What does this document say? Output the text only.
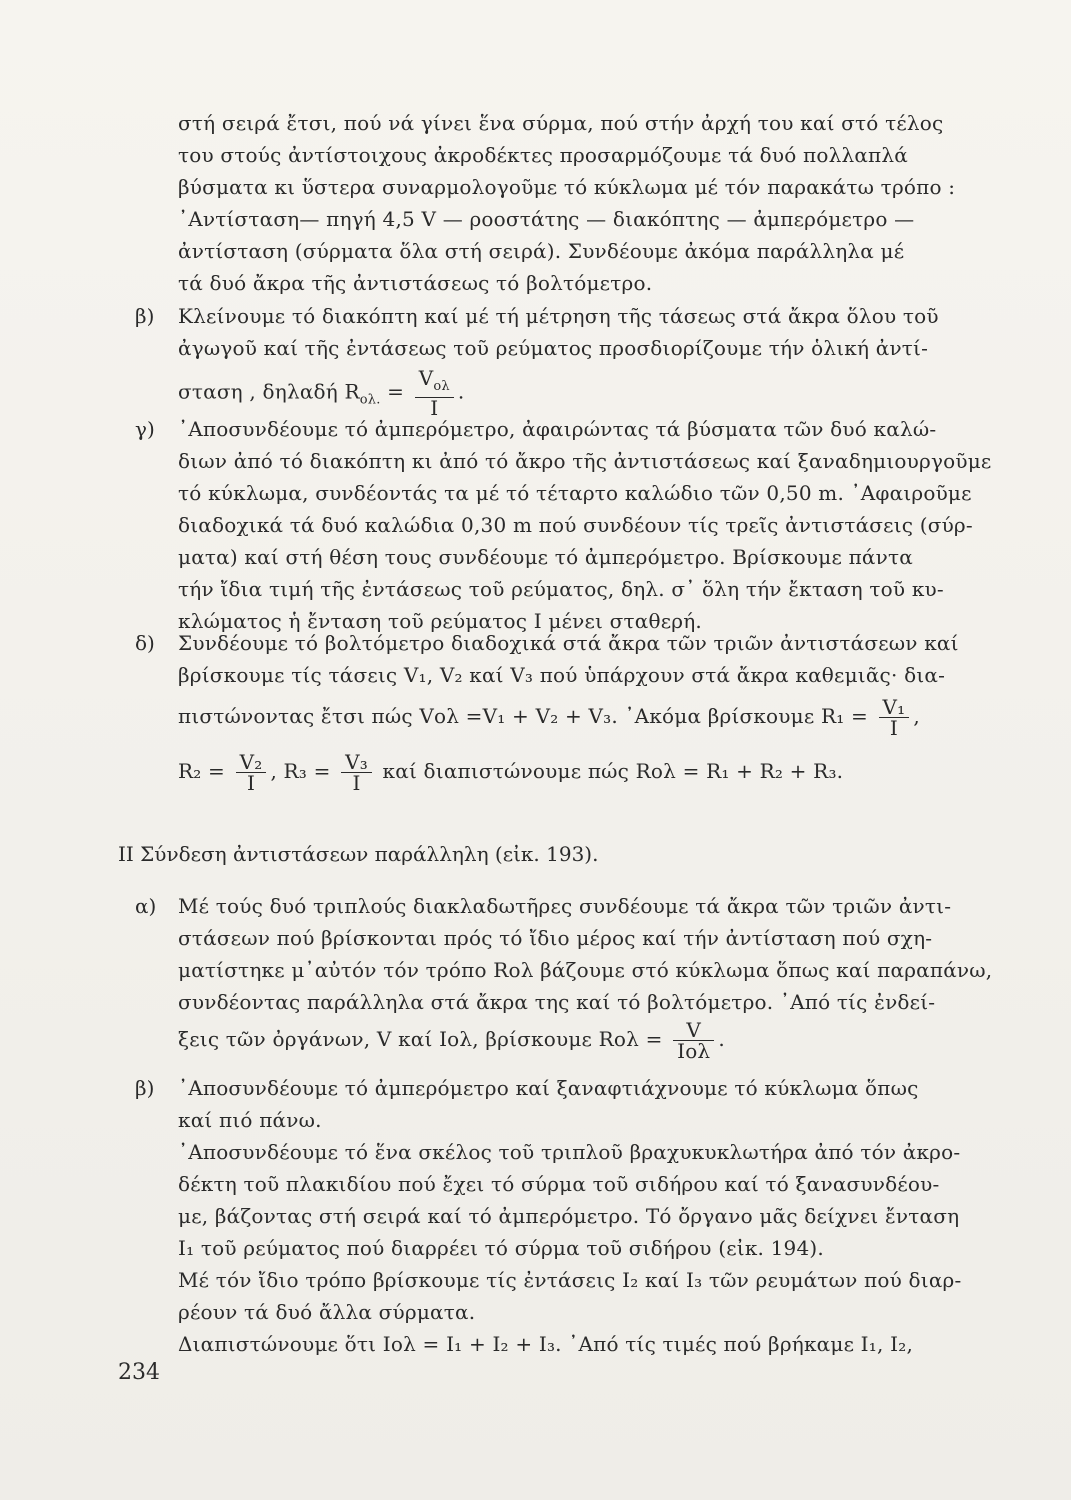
στή σειρά ἔτσι, πού νά γίνει ἕνα σύρμα, πού στήν ἀρχή του καί στό τέλος
του στούς ἀντίστοιχους ἀκροδέκτες προσαρμόζουμε τά δυό πολλαπλά
βύσματα κι ὕστερα συναρμολογοῦμε τό κύκλωμα μέ τόν παρακάτω τρόπο :
᾿Αντίσταση— πηγή 4,5 V — ροοστάτης — διακόπτης — ἀμπερόμετρο —
ἀντίσταση (σύρματα ὅλα στή σειρά). Συνδέουμε ἀκόμα παράλληλα μέ
τά δυό ἄκρα τῆς ἀντιστάσεως τό βολτόμετρο.
β) Κλείνουμε τό διακόπτη καί μέ τή μέτρηση τῆς τάσεως στά ἄκρα ὅλου τοῦ
ἀγωγοῦ καί τῆς ἐντάσεως τοῦ ρεύματος προσδιορίζουμε τήν ὁλική ἀντί-
σταση , δηλαδή $R_{o\lambda.} = \frac{V_{o\lambda}}{I}$ .
γ) ᾿Αποσυνδέουμε τό ἀμπερόμετρο, ἀφαιρώντας τά βύσματα τῶν δυό καλώ-
διων ἀπό τό διακόπτη κι ἀπό τό ἄκρο τῆς ἀντιστάσεως καί ξαναδημιουργοῦμε
τό κύκλωμα, συνδέοντάς τα μέ τό τέταρτο καλώδιο τῶν 0,50 m. ᾿Αφαιροῦμε
διαδοχικά τά δυό καλώδια 0,30 m πού συνδέουν τίς τρεῖς ἀντιστάσεις (σύρ-
ματα) καί στή θέση τους συνδέουμε τό ἀμπερόμετρο. Βρίσκουμε πάντα
τήν ἴδια τιμή τῆς ἐντάσεως τοῦ ρεύματος, δηλ. σ᾿ ὅλη τήν ἔκταση τοῦ κυ-
κλώματος ἡ ἔνταση τοῦ ρεύματος I μένει σταθερή.
δ) Συνδέουμε τό βολτόμετρο διαδοχικά στά ἄκρα τῶν τριῶν ἀντιστάσεων καί
βρίσκουμε τίς τάσεις V₁, V₂ καί V₃ πού ὑπάρχουν στά ἄκρα καθεμιᾶς· δια-
πιστώνοντας ἔτσι πώς Vολ =V₁ + V₂ + V₃. ᾿Ακόμα βρίσκουμε $R_1 = \frac{\text{V₁}}{I}$ ,
$R_2 = \frac{\text{V₂}}{I}$ , $R_3 = \frac{\text{V₃}}{I}$ καί διαπιστώνουμε πώς Rολ = R₁ + R₂ + R₃.
II Σύνδεση ἀντιστάσεων παράλληλη (εἰκ. 193).
α) Μέ τούς δυό τριπλούς διακλαδωτῆρες συνδέουμε τά ἄκρα τῶν τριῶν ἀντι-
στάσεων πού βρίσκονται πρός τό ἴδιο μέρος καί τήν ἀντίσταση πού σχη-
ματίστηκε μ᾿αὐτόν τόν τρόπο Rολ βάζουμε στό κύκλωμα ὅπως καί παραπάνω,
συνδέοντας παράλληλα στά ἄκρα της καί τό βολτόμετρο. ᾿Από τίς ἐνδεί-
ξεις τῶν ὀργάνων, V καί Iολ, βρίσκουμε $Ro\lambda = \frac{V}{\text{Iολ}}$ .
β) ᾿Αποσυνδέουμε τό ἀμπερόμετρο καί ξαναφτιάχνουμε τό κύκλωμα ὅπως
καί πιό πάνω.
᾿Αποσυνδέουμε τό ἕνα σκέλος τοῦ τριπλοῦ βραχυκυκλωτήρα ἀπό τόν ἀκρο-
δέκτη τοῦ πλακιδίου πού ἔχει τό σύρμα τοῦ σιδήρου καί τό ξανασυνδέου-
με, βάζοντας στή σειρά καί τό ἀμπερόμετρο. Τό ὄργανο μᾶς δείχνει ἔνταση
I₁ τοῦ ρεύματος πού διαρρέει τό σύρμα τοῦ σιδήρου (εἰκ. 194).
Μέ τόν ἴδιο τρόπο βρίσκουμε τίς ἐντάσεις I₂ καί I₃ τῶν ρευμάτων πού διαρ-
ρέουν τά δυό ἄλλα σύρματα.
Διαπιστώνουμε ὅτι Iολ = I₁ + I₂ + I₃. ᾿Από τίς τιμές πού βρήκαμε I₁, I₂,
234
